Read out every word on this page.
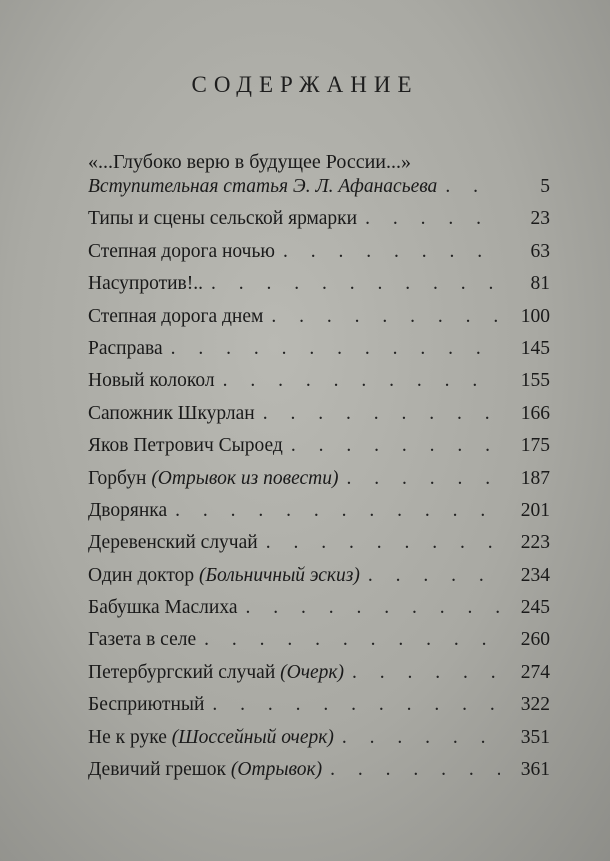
СОДЕРЖАНИЕ
«...Глубоко верю в будущее России...»
Вступительная статья Э. Л. Афанасьева . . .	5
Типы и сцены сельской ярмарки . . .	23
Степная дорога ночью . . .	63
Насупротив!.. . . .	81
Степная дорога днем . . .	100
Расправа . . .	145
Новый колокол . . .	155
Сапожник Шкурлан . . .	166
Яков Петрович Сыроед . . .	175
Горбун (Отрывок из повести) . . .	187
Дворянка . . .	201
Деревенский случай . . .	223
Один доктор (Больничный эскиз) . . .	234
Бабушка Маслиха . . .	245
Газета в селе . . .	260
Петербургский случай (Очерк) . . .	274
Бесприютный . . .	322
Не к руке (Шоссейный очерк) . . .	351
Девичий грешок (Отрывок) . . .	361
